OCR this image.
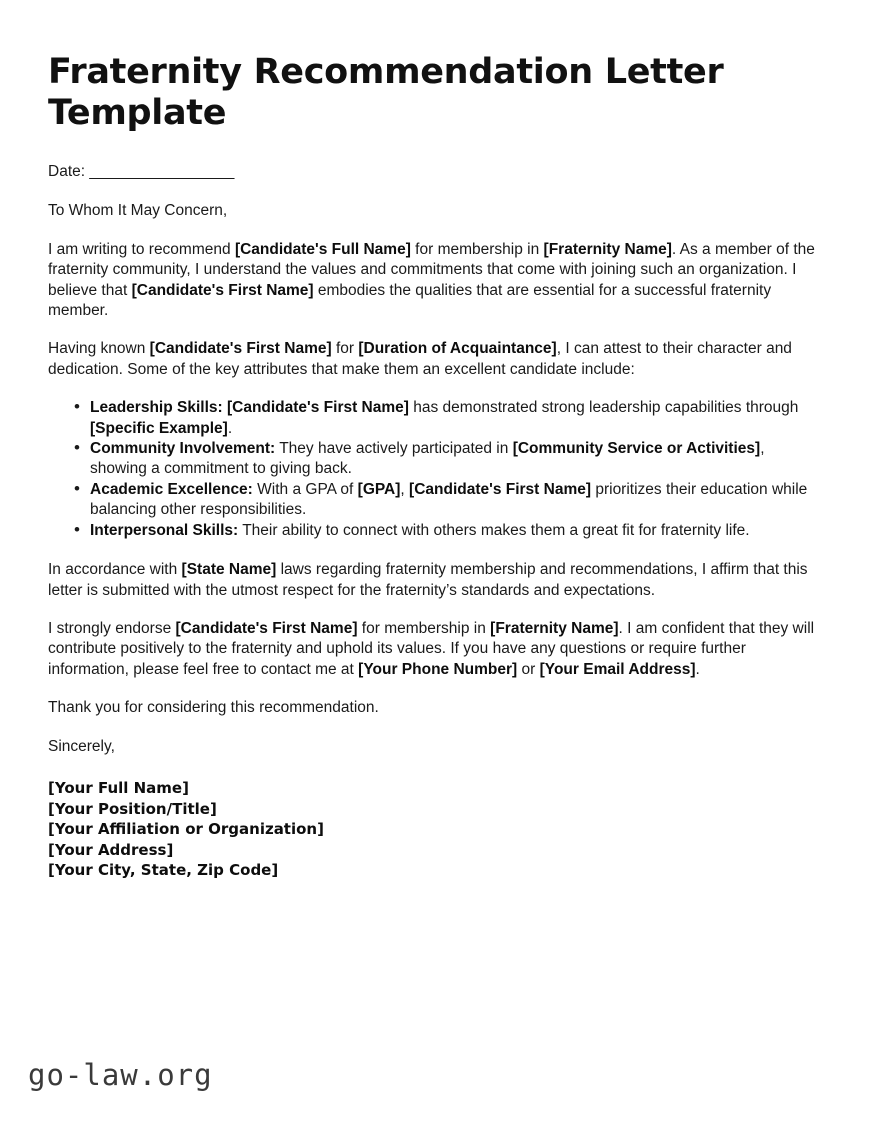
Fraternity Recommendation Letter Template
Date: __________________

To Whom It May Concern,

I am writing to recommend [Candidate's Full Name] for membership in [Fraternity Name]. As a member of the fraternity community, I understand the values and commitments that come with joining such an organization. I believe that [Candidate's First Name] embodies the qualities that are essential for a successful fraternity member.

Having known [Candidate's First Name] for [Duration of Acquaintance], I can attest to their character and dedication. Some of the key attributes that make them an excellent candidate include:

• Leadership Skills: [Candidate's First Name] has demonstrated strong leadership capabilities through [Specific Example].
• Community Involvement: They have actively participated in [Community Service or Activities], showing a commitment to giving back.
• Academic Excellence: With a GPA of [GPA], [Candidate's First Name] prioritizes their education while balancing other responsibilities.
• Interpersonal Skills: Their ability to connect with others makes them a great fit for fraternity life.

In accordance with [State Name] laws regarding fraternity membership and recommendations, I affirm that this letter is submitted with the utmost respect for the fraternity’s standards and expectations.

I strongly endorse [Candidate's First Name] for membership in [Fraternity Name]. I am confident that they will contribute positively to the fraternity and uphold its values. If you have any questions or require further information, please feel free to contact me at [Your Phone Number] or [Your Email Address].

Thank you for considering this recommendation.

Sincerely,

[Your Full Name]
[Your Position/Title]
[Your Affiliation or Organization]
[Your Address]
[Your City, State, Zip Code]
go-law.org
